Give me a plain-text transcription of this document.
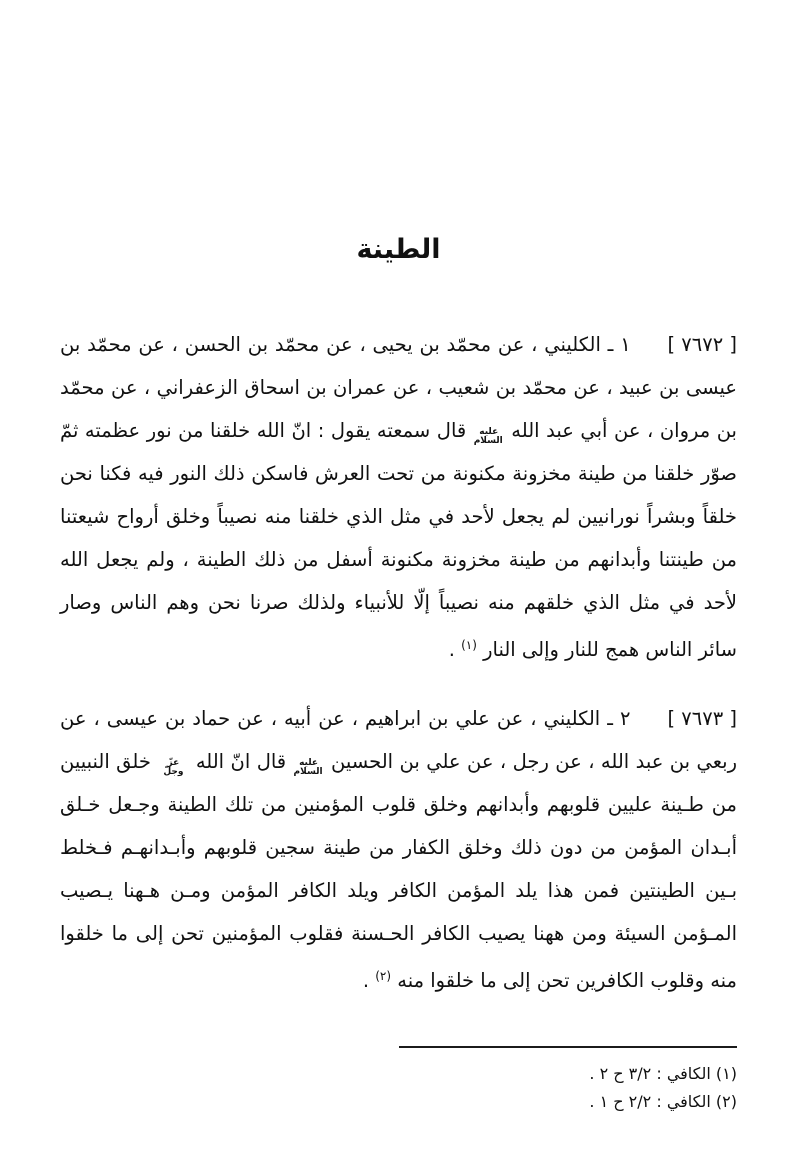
الطينة

[ ٧٦٧٢ ] ١ ـ الكليني ، عن محمّد بن يحيى ، عن محمّد بن الحسن ، عن محمّد بن عيسى بن عبيد ، عن محمّد بن شعيب ، عن عمران بن اسحاق الزعفراني ، عن محمّد بن مروان ، عن أبي عبد الله عليه السلام قال سمعته يقول : انّ الله خلقنا من نور عظمته ثمّ صوّر خلقنا من طينة مخزونة مكنونة من تحت العرش فاسكن ذلك النور فيه فكنا نحن خلقاً وبشراً نورانيين لم يجعل لأحد في مثل الذي خلقنا منه نصيباً وخلق أرواح شيعتنا من طينتنا وأبدانهم من طينة مخزونة مكنونة أسفل من ذلك الطينة ، ولم يجعل الله لأحد في مثل الذي خلقهم منه نصيباً إلّا للأنبياء ولذلك صرنا نحن وهم الناس وصار سائر الناس همج للنار وإلى النار $^{(١)}$ .

[ ٧٦٧٣ ] ٢ ـ الكليني ، عن علي بن ابراهيم ، عن أبيه ، عن حماد بن عيسى ، عن ربعي بن عبد الله ، عن رجل ، عن علي بن الحسين عليه السلام قال انّ الله عزّ وجلّ خلق النبيين من طـينة عليين قلوبهم وأبدانهم وخلق قلوب المؤمنين من تلك الطينة وجـعل خـلق أبـدان المؤمن من دون ذلك وخلق الكفار من طينة سجين قلوبهم وأبـدانهـم فـخلط بـين الطينتين فمن هذا يلد المؤمن الكافر ويلد الكافر المؤمن ومـن هـهنا يـصيب المـؤمن السيئة ومن ههنا يصيب الكافر الحـسنة فقلوب المؤمنين تحن إلى ما خلقوا منه وقلوب الكافرين تحن إلى ما خلقوا منه $^{(٢)}$ .

(١) الكافي : ٣/٢ ح ٢ .
(٢) الكافي : ٢/٢ ح ١ .
